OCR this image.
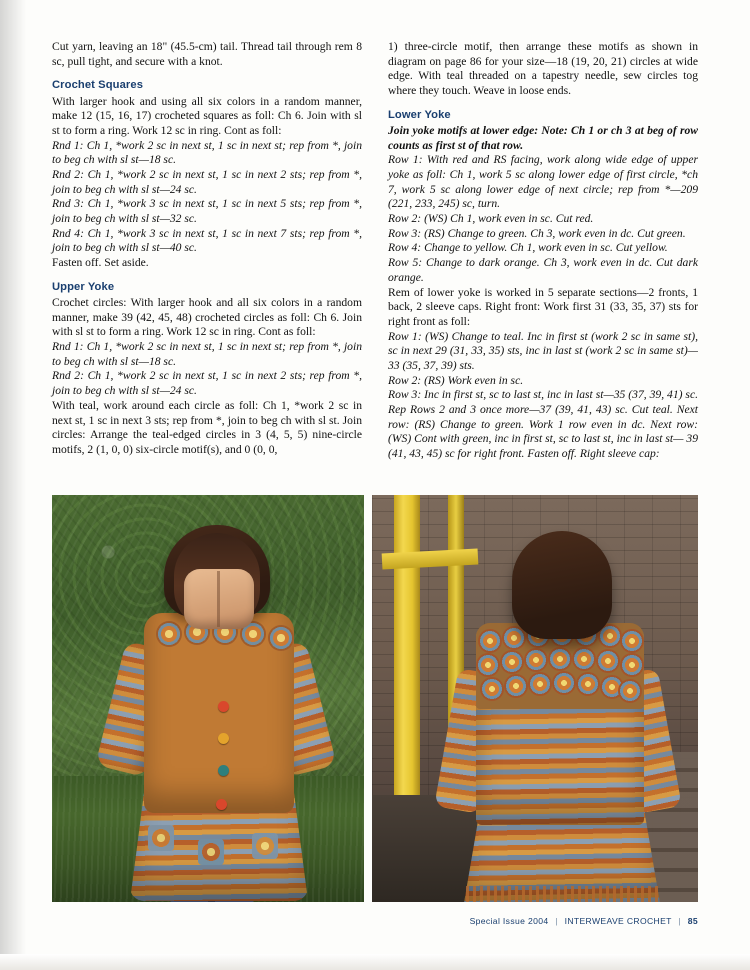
Cut yarn, leaving an 18" (45.5-cm) tail. Thread tail through rem 8 sc, pull tight, and secure with a knot.

Crochet Squares

With larger hook and using all six colors in a random manner, make 12 (15, 16, 17) crocheted squares as foll: Ch 6. Join with sl st to form a ring. Work 12 sc in ring. Cont as foll:

Rnd 1: Ch 1, *work 2 sc in next st, 1 sc in next st; rep from *, join to beg ch with sl st—18 sc.

Rnd 2: Ch 1, *work 2 sc in next st, 1 sc in next 2 sts; rep from *, join to beg ch with sl st—24 sc.

Rnd 3: Ch 1, *work 3 sc in next st, 1 sc in next 5 sts; rep from *, join to beg ch with sl st—32 sc.

Rnd 4: Ch 1, *work 3 sc in next st, 1 sc in next 7 sts; rep from *, join to beg ch with sl st—40 sc.

Fasten off. Set aside.

Upper Yoke

Crochet circles: With larger hook and all six colors in a random manner, make 39 (42, 45, 48) crocheted circles as foll: Ch 6. Join with sl st to form a ring. Work 12 sc in ring. Cont as foll:

Rnd 1: Ch 1, *work 2 sc in next st, 1 sc in next st; rep from *, join to beg ch with sl st—18 sc.

Rnd 2: Ch 1, *work 2 sc in next st, 1 sc in next 2 sts; rep from *, join to beg ch with sl st—24 sc.

With teal, work around each circle as foll: Ch 1, *work 2 sc in next st, 1 sc in next 3 sts; rep from *, join to beg ch with sl st. Join circles: Arrange the teal-edged circles in 3 (4, 5, 5) nine-circle motifs, 2 (1, 0, 0) six-circle motif(s), and 0 (0, 0,

1) three-circle motif, then arrange these motifs as shown in diagram on page 86 for your size—18 (19, 20, 21) circles at wide edge. With teal threaded on a tapestry needle, sew circles tog where they touch. Weave in loose ends.

Lower Yoke

Join yoke motifs at lower edge: Note: Ch 1 or ch 3 at beg of row counts as first st of that row.

Row 1: With red and RS facing, work along wide edge of upper yoke as foll: Ch 1, work 5 sc along lower edge of first circle, *ch 7, work 5 sc along lower edge of next circle; rep from *—209 (221, 233, 245) sc, turn.

Row 2: (WS) Ch 1, work even in sc. Cut red.

Row 3: (RS) Change to green. Ch 3, work even in dc. Cut green.

Row 4: Change to yellow. Ch 1, work even in sc. Cut yellow.

Row 5: Change to dark orange. Ch 3, work even in dc. Cut dark orange.

Rem of lower yoke is worked in 5 separate sections—2 fronts, 1 back, 2 sleeve caps. Right front: Work first 31 (33, 35, 37) sts for right front as foll:

Row 1: (WS) Change to teal. Inc in first st (work 2 sc in same st), sc in next 29 (31, 33, 35) sts, inc in last st (work 2 sc in same st)—33 (35, 37, 39) sts.

Row 2: (RS) Work even in sc.

Row 3: Inc in first st, sc to last st, inc in last st—35 (37, 39, 41) sc. Rep Rows 2 and 3 once more—37 (39, 41, 43) sc. Cut teal. Next row: (RS) Change to green. Work 1 row even in dc. Next row: (WS) Cont with green, inc in first st, sc to last st, inc in last st— 39 (41, 43, 45) sc for right front. Fasten off. Right sleeve cap:

Special Issue 2004 | INTERWEAVE CROCHET | 85
